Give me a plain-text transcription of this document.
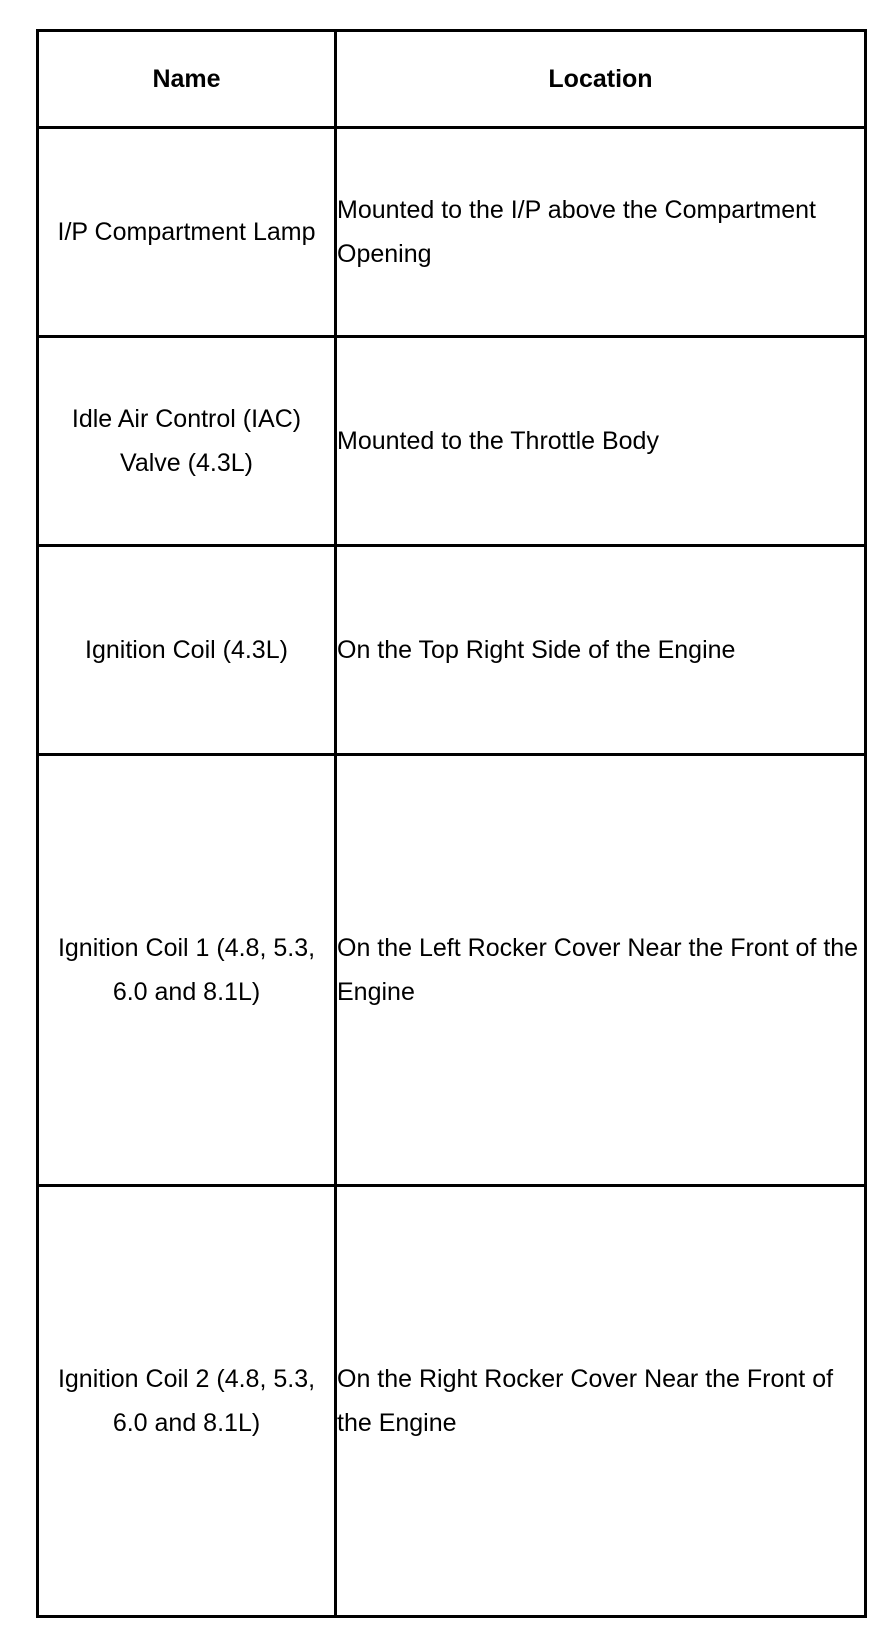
Name	Location
I/P Compartment Lamp	Mounted to the I/P above the Compartment Opening
Idle Air Control (IAC) Valve (4.3L)	Mounted to the Throttle Body
Ignition Coil (4.3L)	On the Top Right Side of the Engine
Ignition Coil 1 (4.8, 5.3, 6.0 and 8.1L)	On the Left Rocker Cover Near the Front of the Engine
Ignition Coil 2 (4.8, 5.3, 6.0 and 8.1L)	On the Right Rocker Cover Near the Front of the Engine
